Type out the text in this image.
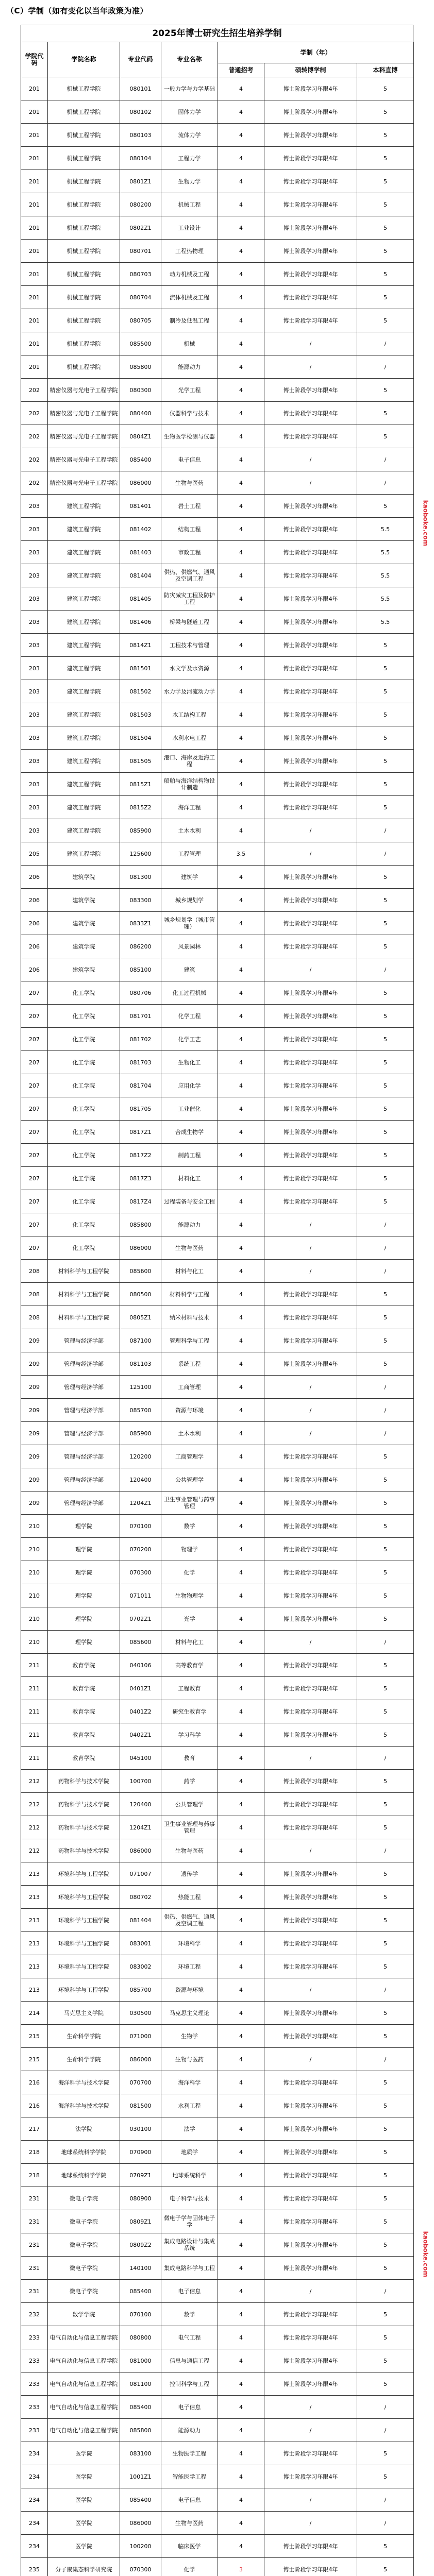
（C）学制（如有变化以当年政策为准）
2025年博士研究生招生培养学制
学院代码	学院名称	专业代码	专业名称	学制（年）		
				普通招考	硕转博学制	本科直博
201	机械工程学院	080101	一般力学与力学基础	4	博士阶段学习年限4年	5
201	机械工程学院	080102	固体力学	4	博士阶段学习年限4年	5
201	机械工程学院	080103	流体力学	4	博士阶段学习年限4年	5
201	机械工程学院	080104	工程力学	4	博士阶段学习年限4年	5
201	机械工程学院	0801Z1	生物力学	4	博士阶段学习年限4年	5
201	机械工程学院	080200	机械工程	4	博士阶段学习年限4年	5
201	机械工程学院	0802Z1	工业设计	4	博士阶段学习年限4年	5
201	机械工程学院	080701	工程热物理	4	博士阶段学习年限4年	5
201	机械工程学院	080703	动力机械及工程	4	博士阶段学习年限4年	5
201	机械工程学院	080704	流体机械及工程	4	博士阶段学习年限4年	5
201	机械工程学院	080705	制冷及低温工程	4	博士阶段学习年限4年	5
201	机械工程学院	085500	机械	4	/	/
201	机械工程学院	085800	能源动力	4	/	/
202	精密仪器与光电子工程学院	080300	光学工程	4	博士阶段学习年限4年	5
202	精密仪器与光电子工程学院	080400	仪器科学与技术	4	博士阶段学习年限4年	5
202	精密仪器与光电子工程学院	0804Z1	生物医学检测与仪器	4	博士阶段学习年限4年	5
202	精密仪器与光电子工程学院	085400	电子信息	4	/	/
202	精密仪器与光电子工程学院	086000	生物与医药	4	/	/
203	建筑工程学院	081401	岩土工程	4	博士阶段学习年限4年	5
203	建筑工程学院	081402	结构工程	4	博士阶段学习年限4年	5.5
203	建筑工程学院	081403	市政工程	4	博士阶段学习年限4年	5.5
203	建筑工程学院	081404	供热、供燃气、通风及空调工程	4	博士阶段学习年限4年	5.5
203	建筑工程学院	081405	防灾减灾工程及防护工程	4	博士阶段学习年限4年	5.5
203	建筑工程学院	081406	桥梁与隧道工程	4	博士阶段学习年限4年	5.5
203	建筑工程学院	0814Z1	工程技术与管理	4	博士阶段学习年限4年	5
203	建筑工程学院	081501	水文学及水资源	4	博士阶段学习年限4年	5
203	建筑工程学院	081502	水力学及河流动力学	4	博士阶段学习年限4年	5
203	建筑工程学院	081503	水工结构工程	4	博士阶段学习年限4年	5
203	建筑工程学院	081504	水利水电工程	4	博士阶段学习年限4年	5
203	建筑工程学院	081505	港口、海岸及近海工程	4	博士阶段学习年限4年	5
203	建筑工程学院	0815Z1	船舶与海洋结构物设计制造	4	博士阶段学习年限4年	5
203	建筑工程学院	0815Z2	海洋工程	4	博士阶段学习年限4年	5
203	建筑工程学院	085900	土木水利	4	/	/
205	建筑工程学院	125600	工程管理	3.5	/	/
206	建筑学院	081300	建筑学	4	博士阶段学习年限4年	5
206	建筑学院	083300	城乡规划学	4	博士阶段学习年限4年	5
206	建筑学院	0833Z1	城乡规划学（城市管理）	4	博士阶段学习年限4年	5
206	建筑学院	086200	风景园林	4	博士阶段学习年限4年	5
206	建筑学院	085100	建筑	4	/	/
207	化工学院	080706	化工过程机械	4	博士阶段学习年限4年	5
207	化工学院	081701	化学工程	4	博士阶段学习年限4年	5
207	化工学院	081702	化学工艺	4	博士阶段学习年限4年	5
207	化工学院	081703	生物化工	4	博士阶段学习年限4年	5
207	化工学院	081704	应用化学	4	博士阶段学习年限4年	5
207	化工学院	081705	工业催化	4	博士阶段学习年限4年	5
207	化工学院	0817Z1	合成生物学	4	博士阶段学习年限4年	5
207	化工学院	0817Z2	制药工程	4	博士阶段学习年限4年	5
207	化工学院	0817Z3	材料化工	4	博士阶段学习年限4年	5
207	化工学院	0817Z4	过程装备与安全工程	4	博士阶段学习年限4年	5
207	化工学院	085800	能源动力	4	/	/
207	化工学院	086000	生物与医药	4	/	/
208	材料科学与工程学院	085600	材料与化工	4	/	/
208	材料科学与工程学院	080500	材料科学与工程	4	博士阶段学习年限4年	5
208	材料科学与工程学院	0805Z1	纳米材料与技术	4	博士阶段学习年限4年	5
209	管理与经济学部	087100	管理科学与工程	4	博士阶段学习年限4年	5
209	管理与经济学部	081103	系统工程	4	博士阶段学习年限4年	5
209	管理与经济学部	125100	工商管理	4	/	/
209	管理与经济学部	085700	资源与环境	4	/	/
209	管理与经济学部	085900	土木水利	4	/	/
209	管理与经济学部	120200	工商管理学	4	博士阶段学习年限4年	5
209	管理与经济学部	120400	公共管理学	4	博士阶段学习年限4年	5
209	管理与经济学部	1204Z1	卫生事业管理与药事管理	4	博士阶段学习年限4年	5
210	理学院	070100	数学	4	博士阶段学习年限4年	5
210	理学院	070200	物理学	4	博士阶段学习年限4年	5
210	理学院	070300	化学	4	博士阶段学习年限4年	5
210	理学院	071011	生物物理学	4	博士阶段学习年限4年	5
210	理学院	0702Z1	光学	4	博士阶段学习年限4年	5
210	理学院	085600	材料与化工	4	/	/
211	教育学院	040106	高等教育学	4	博士阶段学习年限4年	5
211	教育学院	0401Z1	工程教育	4	博士阶段学习年限4年	5
211	教育学院	0401Z2	研究生教育学	4	博士阶段学习年限4年	5
211	教育学院	0402Z1	学习科学	4	博士阶段学习年限4年	5
211	教育学院	045100	教育	4	/	/
212	药物科学与技术学院	100700	药学	4	博士阶段学习年限4年	5
212	药物科学与技术学院	120400	公共管理学	4	博士阶段学习年限4年	5
212	药物科学与技术学院	1204Z1	卫生事业管理与药事管理	4	博士阶段学习年限4年	5
212	药物科学与技术学院	086000	生物与医药	4	/	/
213	环境科学与工程学院	071007	遗传学	4	博士阶段学习年限4年	5
213	环境科学与工程学院	080702	热能工程	4	博士阶段学习年限4年	5
213	环境科学与工程学院	081404	供热、供燃气、通风及空调工程	4	博士阶段学习年限4年	5
213	环境科学与工程学院	083001	环境科学	4	博士阶段学习年限4年	5
213	环境科学与工程学院	083002	环境工程	4	博士阶段学习年限4年	5
213	环境科学与工程学院	085700	资源与环境	4	/	/
214	马克思主义学院	030500	马克思主义理论	4	博士阶段学习年限4年	5
215	生命科学学院	071000	生物学	4	博士阶段学习年限4年	5
215	生命科学学院	086000	生物与医药	4	/	/
216	海洋科学与技术学院	070700	海洋科学	4	博士阶段学习年限4年	5
216	海洋科学与技术学院	081500	水利工程	4	博士阶段学习年限4年	5
217	法学院	030100	法学	4	博士阶段学习年限4年	5
218	地球系统科学学院	070900	地质学	4	博士阶段学习年限4年	5
218	地球系统科学学院	0709Z1	地球系统科学	4	博士阶段学习年限4年	5
231	微电子学院	080900	电子科学与技术	4	博士阶段学习年限4年	5
231	微电子学院	0809Z1	微电子学与固体电子学	4	博士阶段学习年限4年	5
231	微电子学院	0809Z2	集成电路设计与集成系统	4	博士阶段学习年限4年	5
231	微电子学院	140100	集成电路科学与工程	4	博士阶段学习年限4年	5
231	微电子学院	085400	电子信息	4	/	/
232	数学学院	070100	数学	4	博士阶段学习年限4年	5
233	电气自动化与信息工程学院	080800	电气工程	4	博士阶段学习年限4年	5
233	电气自动化与信息工程学院	081000	信息与通信工程	4	博士阶段学习年限4年	5
233	电气自动化与信息工程学院	081100	控制科学与工程	4	博士阶段学习年限4年	5
233	电气自动化与信息工程学院	085400	电子信息	4	/	/
233	电气自动化与信息工程学院	085800	能源动力	4	/	/
234	医学院	083100	生物医学工程	4	博士阶段学习年限4年	5
234	医学院	1001Z1	智能医学工程	4	博士阶段学习年限4年	5
234	医学院	085400	电子信息	4	/	/
234	医学院	086000	生物与医药	4	/	/
234	医学院	100200	临床医学	4	博士阶段学习年限4年	5
235	分子聚集态科学研究院	070300	化学	3	博士阶段学习年限4年	5

kaoboke.com
kaoboke.com
